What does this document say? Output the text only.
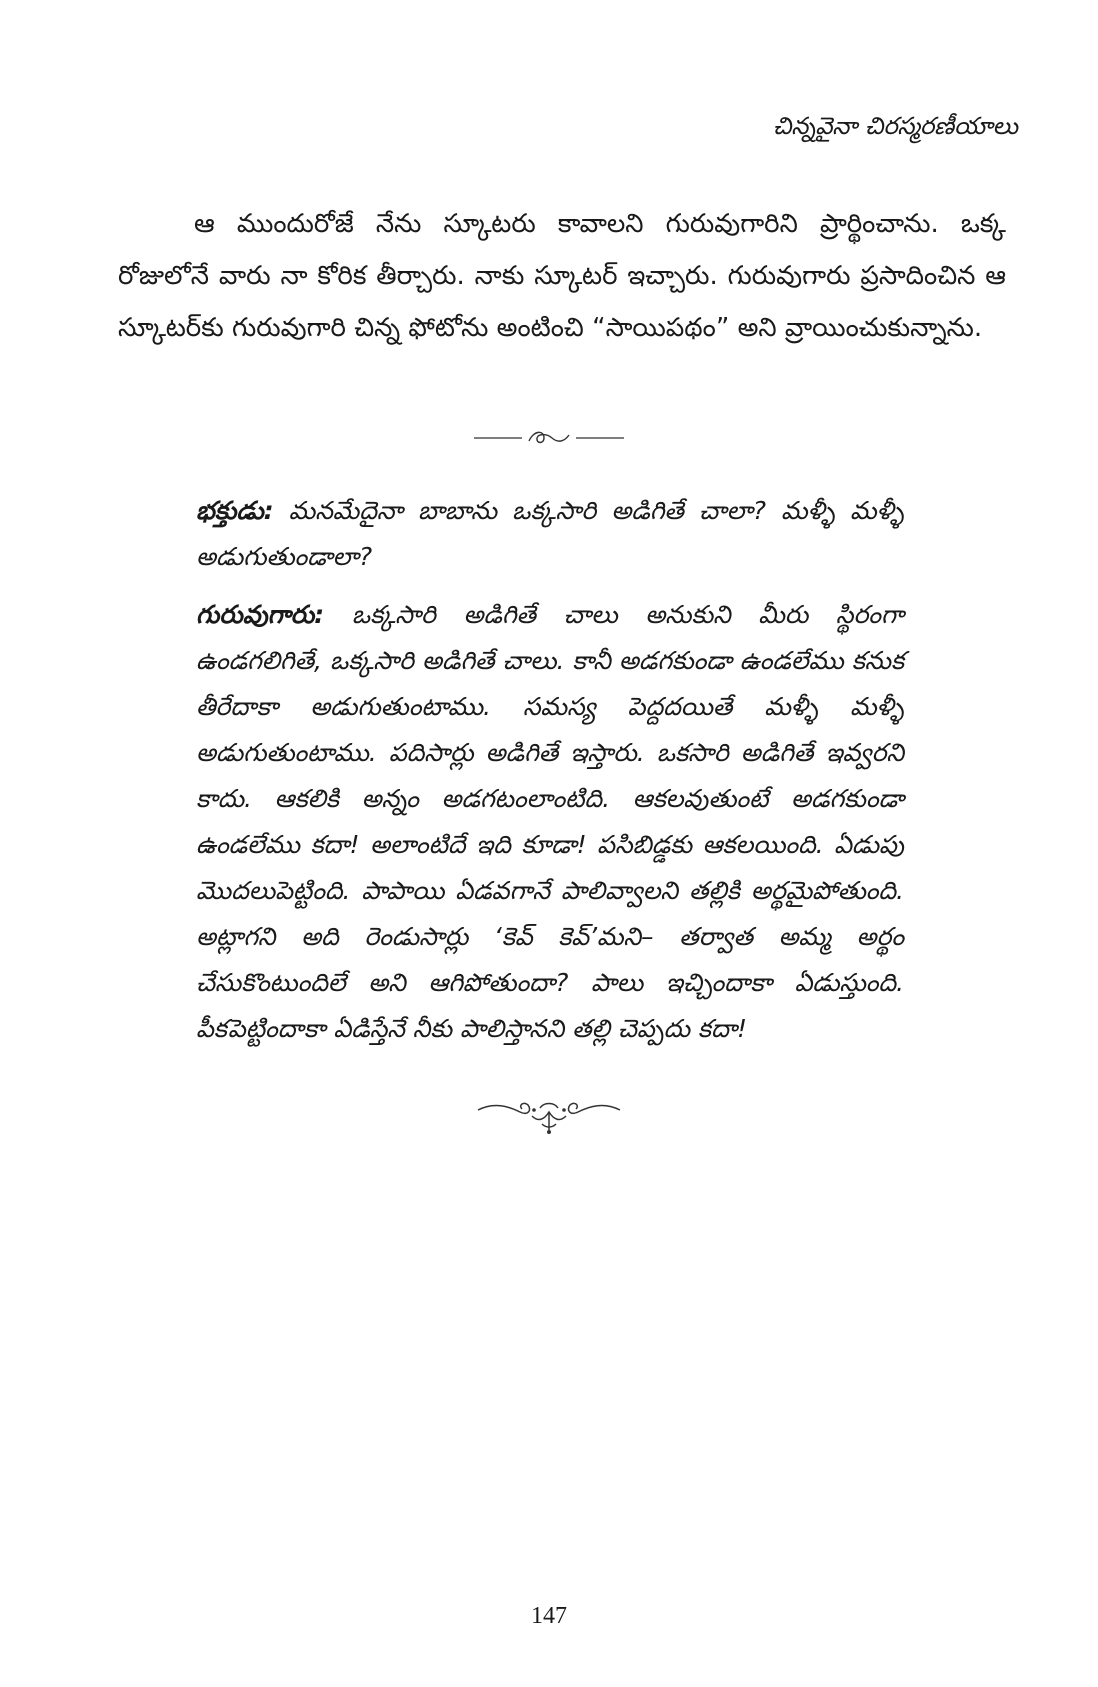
చిన్నవైనా చిరస్మరణీయాలు

ఆ ముందురోజే నేను స్కూటరు కావాలని గురువుగారిని ప్రార్థించాను. ఒక్క రోజులోనే వారు నా కోరిక తీర్చారు. నాకు స్కూటర్ ఇచ్చారు. గురువుగారు ప్రసాదించిన ఆ స్కూటర్‌కు గురువుగారి చిన్న ఫోటోను అంటించి “సాయిపథం” అని వ్రాయించుకున్నాను.

భక్తుడు: మనమేదైనా బాబాను ఒక్కసారి అడిగితే చాలా? మళ్ళీ మళ్ళీ అడుగుతుండాలా?

గురువుగారు: ఒక్కసారి అడిగితే చాలు అనుకుని మీరు స్థిరంగా ఉండగలిగితే, ఒక్కసారి అడిగితే చాలు. కానీ అడగకుండా ఉండలేము కనుక తీరేదాకా అడుగుతుంటాము. సమస్య పెద్దదయితే మళ్ళీ మళ్ళీ అడుగుతుంటాము. పదిసార్లు అడిగితే ఇస్తారు. ఒకసారి అడిగితే ఇవ్వరని కాదు. ఆకలికి అన్నం అడగటంలాంటిది. ఆకలవుతుంటే అడగకుండా ఉండలేము కదా! అలాంటిదే ఇది కూడా! పసిబిడ్డకు ఆకలయింది. ఏడుపు మొదలుపెట్టింది. పాపాయి ఏడవగానే పాలివ్వాలని తల్లికి అర్థమైపోతుంది. అట్లాగని అది రెండుసార్లు ‘కెవ్ కెవ్’మని– తర్వాత అమ్మ అర్థం చేసుకొంటుందిలే అని ఆగిపోతుందా? పాలు ఇచ్చిందాకా ఏడుస్తుంది. పీకపెట్టిందాకా ఏడిస్తేనే నీకు పాలిస్తానని తల్లి చెప్పదు కదా!

147
